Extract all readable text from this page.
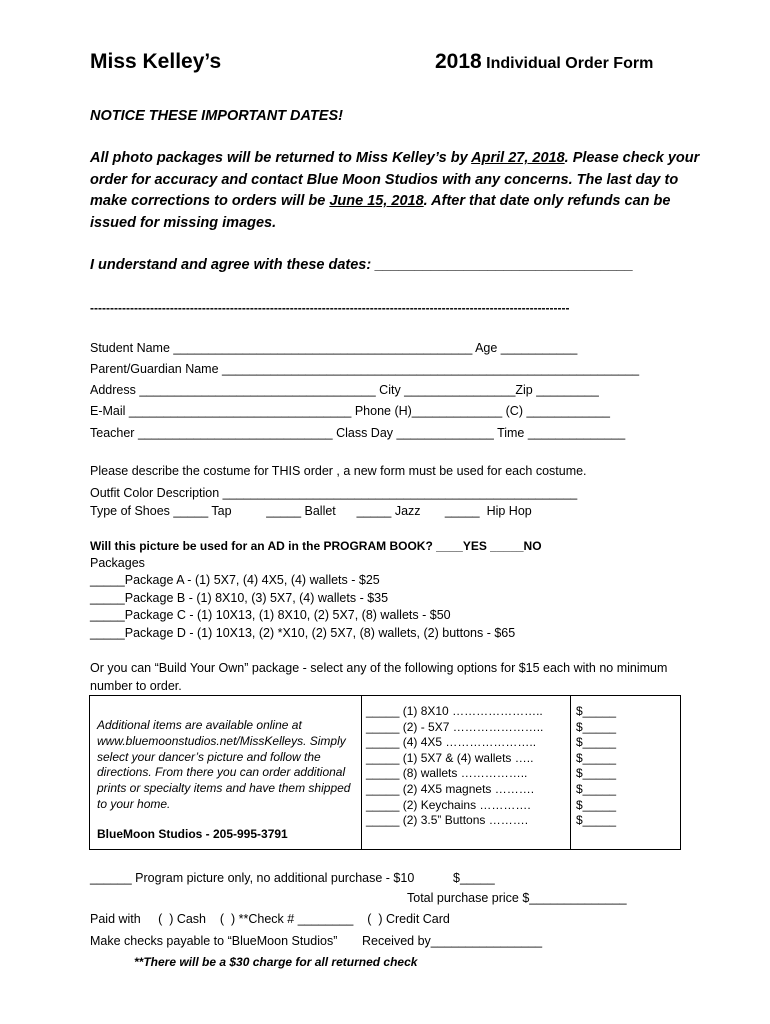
Miss Kelley’s	2018 Individual Order Form
NOTICE THESE IMPORTANT DATES!
All photo packages will be returned to Miss Kelley’s by April 27, 2018. Please check your order for accuracy and contact Blue Moon Studios with any concerns. The last day to make corrections to orders will be June 15, 2018. After that date only refunds can be issued for missing images.
I understand and agree with these dates: ________________________________
------------------------------------------------------------------------------------------------------------------------
Student Name ___________________________________________ Age ___________
Parent/Guardian Name ____________________________________________________________
Address __________________________________ City ________________Zip _________
E-Mail ________________________________ Phone (H)_____________ (C) ____________
Teacher ____________________________ Class Day ______________ Time ______________
Please describe the costume for THIS order , a new form must be used for each costume.
Outfit Color Description ___________________________________________________
Type of Shoes _____ Tap          _____ Ballet      _____ Jazz       _____  Hip Hop
Will this picture be used for an AD in the PROGRAM BOOK? ____YES _____NO
Packages
_____Package A - (1) 5X7, (4) 4X5, (4) wallets - $25
_____Package B - (1) 8X10, (3) 5X7, (4) wallets - $35
_____Package C - (1) 10X13, (1) 8X10, (2) 5X7, (8) wallets - $50
_____Package D - (1) 10X13, (2) *X10, (2) 5X7, (8) wallets, (2) buttons - $65
Or you can “Build Your Own” package - select any of the following options for $15 each with no minimum
number to order.
Additional items are available online at www.bluemoonstudios.net/MissKelleys. Simply select your dancer’s picture and follow the directions. From there you can order additional prints or specialty items and have them shipped to your home.
BlueMoon Studios - 205-995-3791
_____ (1) 8X10 …………………..
_____ (2) - 5X7 …………………..
_____ (4) 4X5 …………………..
_____ (1) 5X7 & (4) wallets …..
_____ (8) wallets ……………..
_____ (2) 4X5 magnets ……….
_____ (2) Keychains ………….
_____ (2) 3.5” Buttons ……….
$_____
$_____
$_____
$_____
$_____
$_____
$_____
$_____
______ Program picture only, no additional purchase - $10	$_____
Total purchase price $______________
Paid with     (  ) Cash    (  ) **Check # ________    (  ) Credit Card
Make checks payable to “BlueMoon Studios” Received by________________
**There will be a $30 charge for all returned check
